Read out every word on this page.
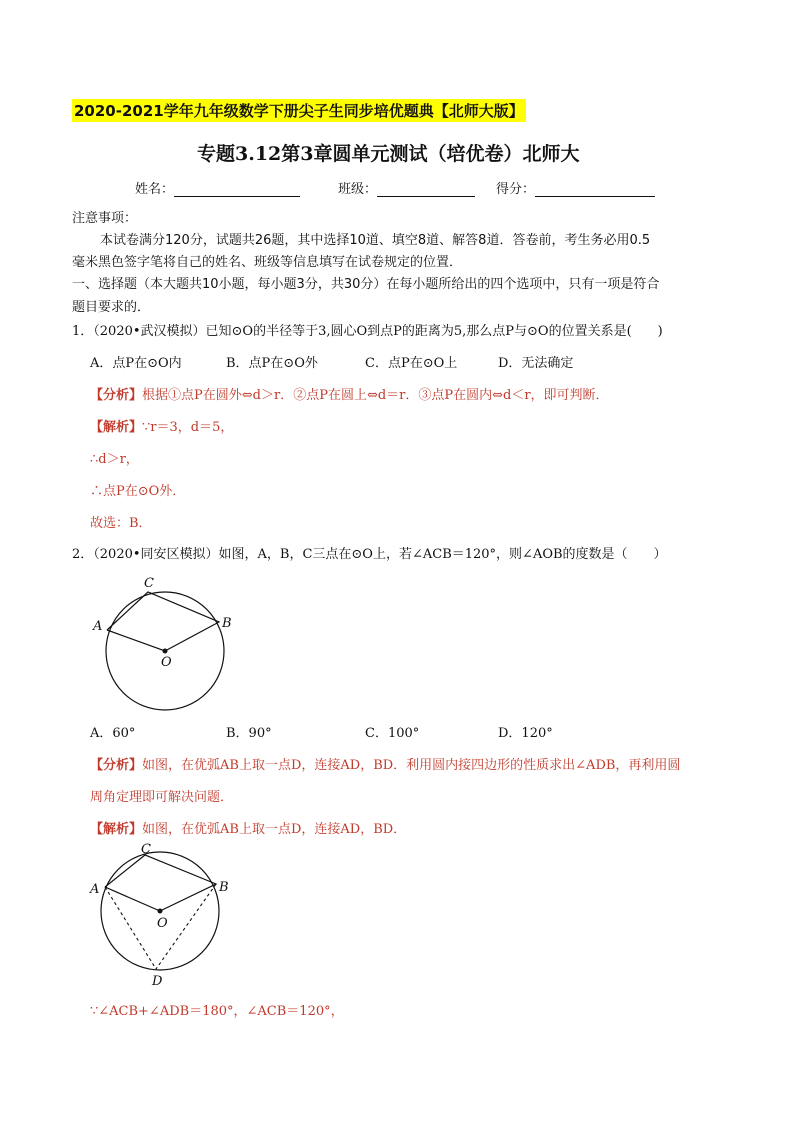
2020-2021学年九年级数学下册尖子生同步培优题典【北师大版】
专题3.12第3章圆单元测试（培优卷）北师大
姓名：	班级：	得分：
注意事项：
本试卷满分120分，试题共26题，其中选择10道、填空8道、解答8道．答卷前，考生务必用0.5
毫米黑色签字笔将自己的姓名、班级等信息填写在试卷规定的位置．
一、选择题（本大题共10小题，每小题3分，共30分）在每小题所给出的四个选项中，只有一项是符合
题目要求的．
1．（2020•武汉模拟）已知⊙O的半径等于3,圆心O到点P的距离为5,那么点P与⊙O的位置关系是(　　)
A．点P在⊙O内	B．点P在⊙O外	C．点P在⊙O上	D．无法确定
【分析】根据①点P在圆外⇔d＞r．②点P在圆上⇔d＝r．③点P在圆内⇔d＜r，即可判断．
【解析】∵r＝3，d＝5，
∴d＞r，
∴点P在⊙O外．
故选：B．
2．（2020•同安区模拟）如图，A，B，C三点在⊙O上，若∠ACB＝120°，则∠AOB的度数是（　　）
A
C
B
O
A．60°	B．90°	C．100°	D．120°
【分析】如图，在优弧AB上取一点D，连接AD，BD．利用圆内接四边形的性质求出∠ADB，再利用圆
周角定理即可解决问题．
【解析】如图，在优弧AB上取一点D，连接AD，BD．
A
C
B
O
D
∵∠ACB+∠ADB＝180°，∠ACB＝120°，
